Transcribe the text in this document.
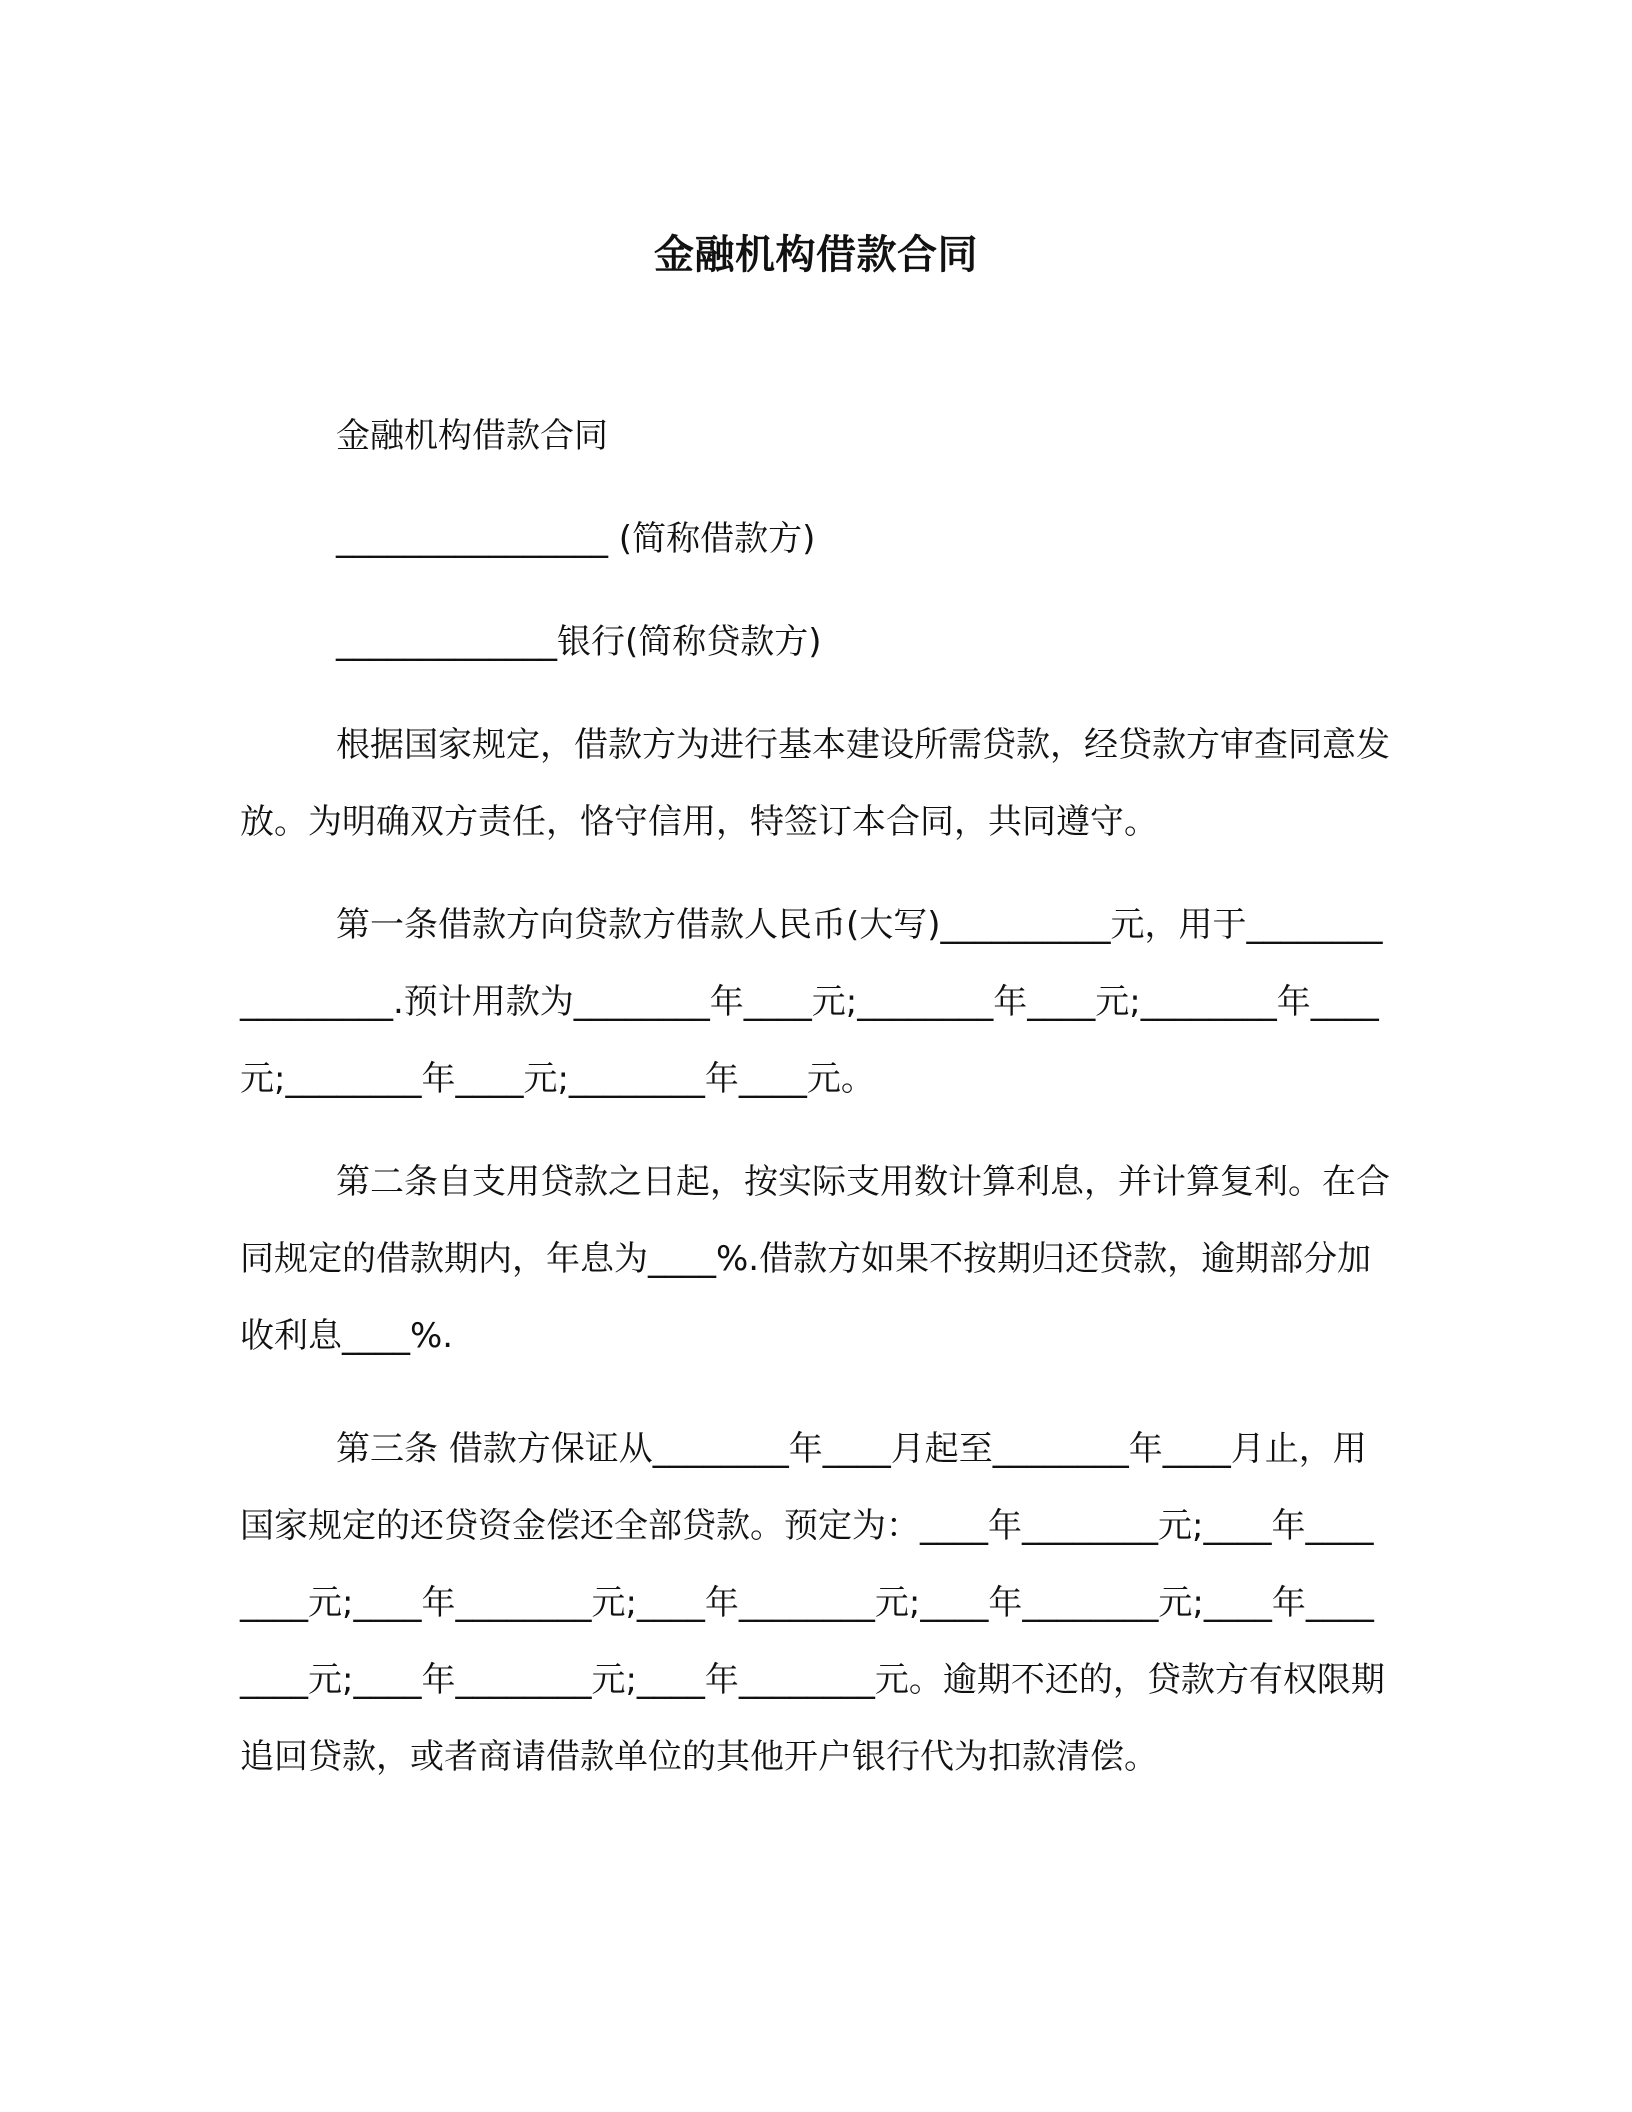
金融机构借款合同

金融机构借款合同

________________ (简称借款方)

_____________银行(简称贷款方)

根据国家规定，借款方为进行基本建设所需贷款，经贷款方审查同意发放。为明确双方责任，恪守信用，特签订本合同，共同遵守。

第一条借款方向贷款方借款人民币(大写)__________元，用于_________________.预计用款为________年____元;________年____元;________年____元;________年____元;________年____元。

第二条自支用贷款之日起，按实际支用数计算利息，并计算复利。在合同规定的借款期内，年息为____%.借款方如果不按期归还贷款，逾期部分加收利息____%.

第三条 借款方保证从________年____月起至________年____月止，用国家规定的还贷资金偿还全部贷款。预定为：____年________元;____年________元;____年________元;____年________元;____年________元;____年________元;____年________元;____年________元。逾期不还的，贷款方有权限期追回贷款，或者商请借款单位的其他开户银行代为扣款清偿。
